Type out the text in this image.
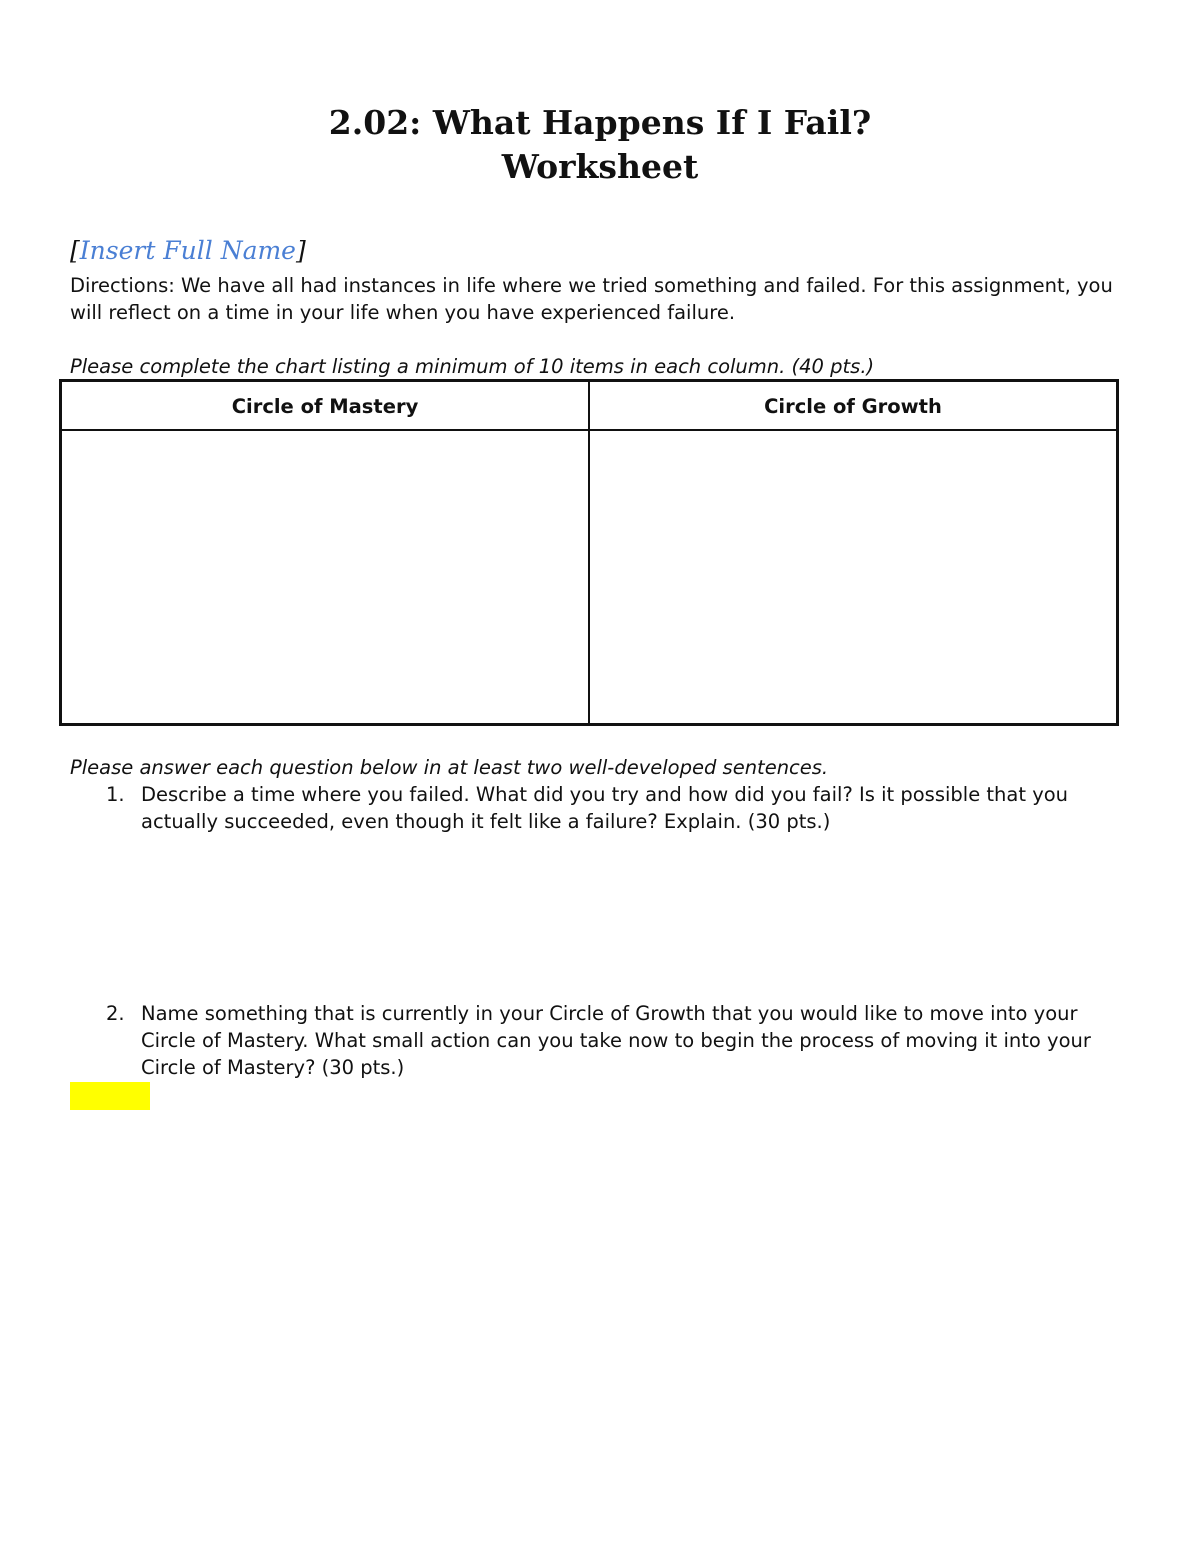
2.02: What Happens If I Fail?
Worksheet
[Insert Full Name]
Directions: We have all had instances in life where we tried something and failed. For this assignment, you will reflect on a time in your life when you have experienced failure.
Please complete the chart listing a minimum of 10 items in each column. (40 pts.)
Circle of Mastery	Circle of Growth
Please answer each question below in at least two well-developed sentences.
1. Describe a time where you failed. What did you try and how did you fail? Is it possible that you actually succeeded, even though it felt like a failure? Explain. (30 pts.)
2. Name something that is currently in your Circle of Growth that you would like to move into your Circle of Mastery. What small action can you take now to begin the process of moving it into your Circle of Mastery? (30 pts.)
